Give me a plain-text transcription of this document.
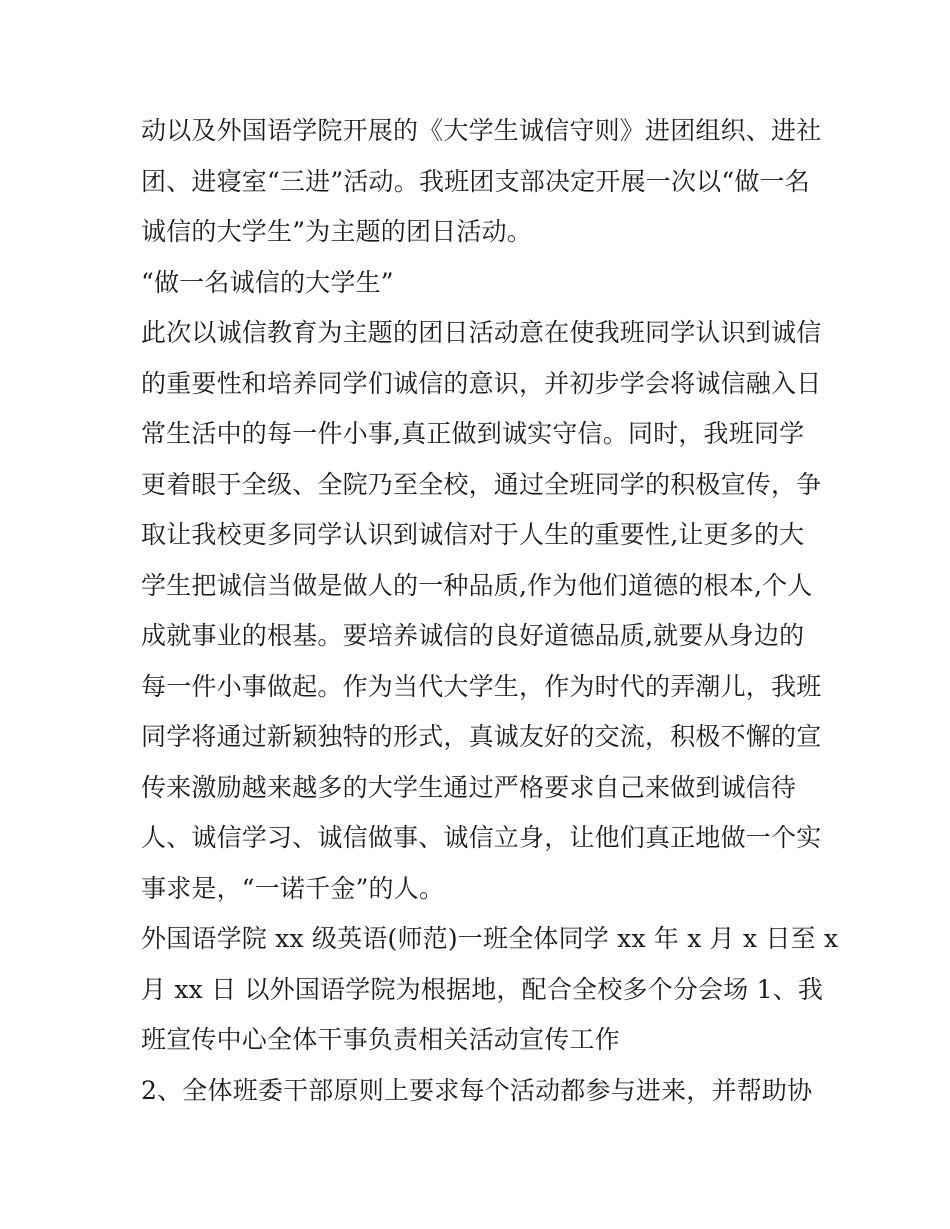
动以及外国语学院开展的《大学生诚信守则》进团组织、进社
团、进寝室“三进”活动。我班团支部决定开展一次以“做一名
诚信的大学生”为主题的团日活动。

“做一名诚信的大学生”

此次以诚信教育为主题的团日活动意在使我班同学认识到诚信
的重要性和培养同学们诚信的意识，并初步学会将诚信融入日
常生活中的每一件小事,真正做到诚实守信。同时，我班同学
更着眼于全级、全院乃至全校，通过全班同学的积极宣传，争
取让我校更多同学认识到诚信对于人生的重要性,让更多的大
学生把诚信当做是做人的一种品质,作为他们道德的根本,个人
成就事业的根基。要培养诚信的良好道德品质,就要从身边的
每一件小事做起。作为当代大学生，作为时代的弄潮儿，我班
同学将通过新颖独特的形式，真诚友好的交流，积极不懈的宣
传来激励越来越多的大学生通过严格要求自己来做到诚信待
人、诚信学习、诚信做事、诚信立身，让他们真正地做一个实
事求是，“一诺千金”的人。

外国语学院 xx 级英语(师范)一班全体同学 xx 年 x 月 x 日至 x
月 xx 日 以外国语学院为根据地，配合全校多个分会场 1、我
班宣传中心全体干事负责相关活动宣传工作

2、全体班委干部原则上要求每个活动都参与进来，并帮助协
